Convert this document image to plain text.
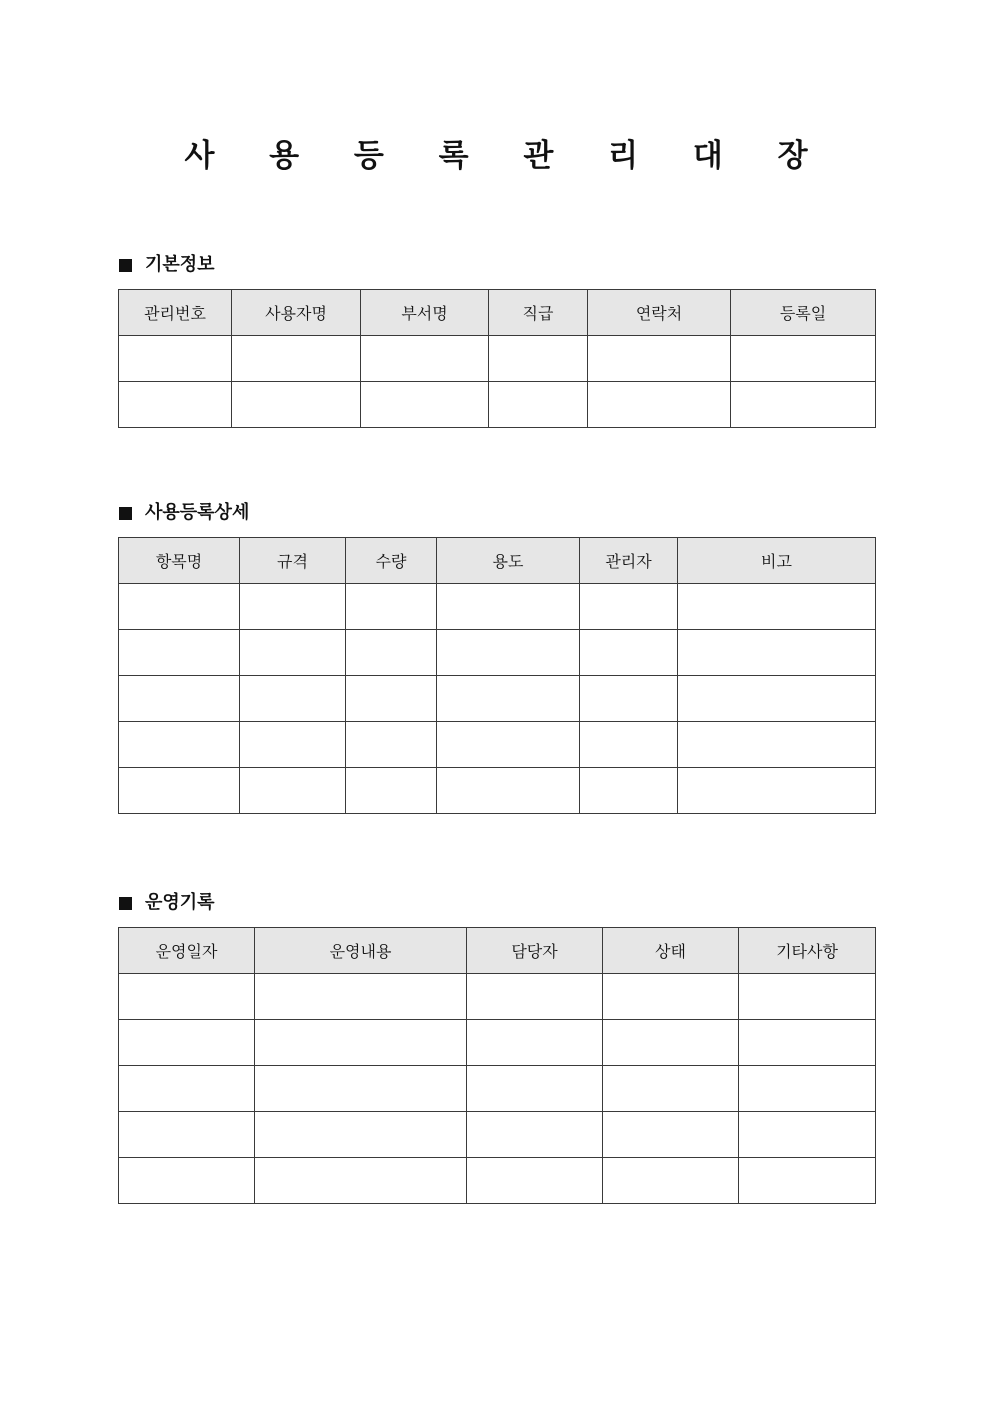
사 용 등 록 관 리 대 장
기본정보
관리번호	사용자명	부서명	직급	연락처	등록일

사용등록상세
항목명	규격	수량	용도	관리자	비고

운영기록
운영일자	운영내용	담당자	상태	기타사항
